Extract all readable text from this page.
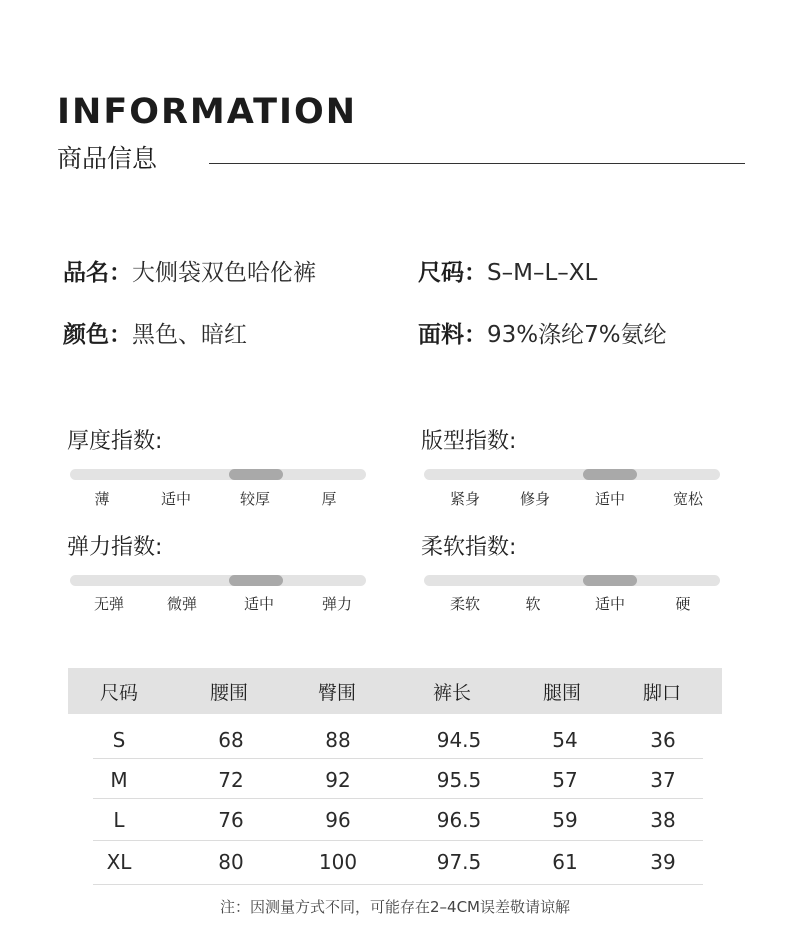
INFORMATION
商品信息
品名：大侧袋双色哈伦裤	尺码：S–M–L–XL
颜色：黑色、暗红	面料：93%涤纶7%氨纶
厚度指数:
薄	适中	较厚	厚
版型指数:
紧身	修身	适中	宽松
弹力指数:
无弹	微弹	适中	弹力
柔软指数:
柔软	软	适中	硬
尺码	腰围	臀围	裤长	腿围	脚口
S	68	88	94.5	54	36
M	72	92	95.5	57	37
L	76	96	96.5	59	38
XL	80	100	97.5	61	39
注：因测量方式不同，可能存在2–4CM误差敬请谅解
